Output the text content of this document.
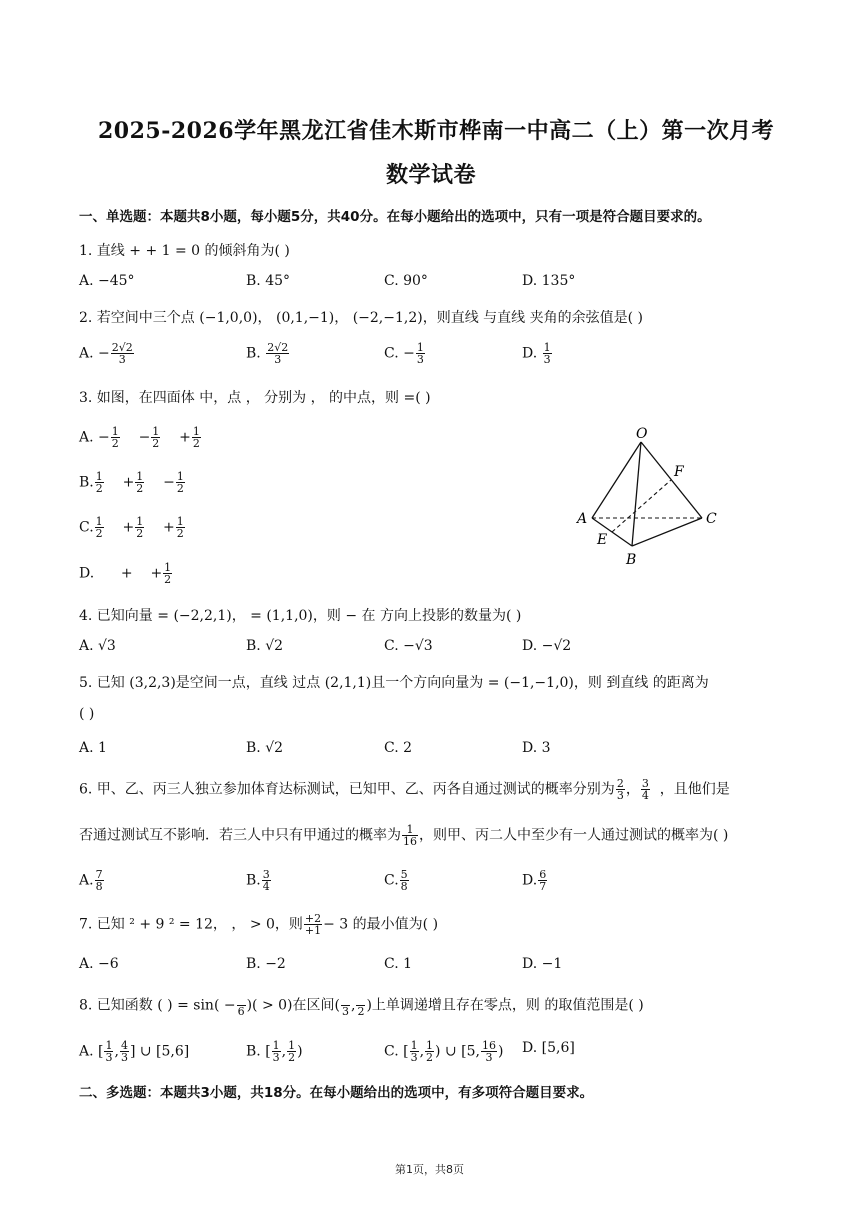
2025-2026学年黑龙江省佳木斯市桦南一中高二（上）第一次月考
数学试卷
一、单选题：本题共8小题，每小题5分，共40分。在每小题给出的选项中，只有一项是符合题目要求的。
1. 直线 + + 1 = 0 的倾斜角为( )
A. −45°	B. 45°	C. 90°	D. 135°
2. 若空间中三个点 (−1,0,0)， (0,1,−1)， (−2,−1,2)，则直线 与直线 夹角的余弦值是( )
A. − $\frac{2√2}{3}$	B. $\frac{2√2}{3}$	C. − $\frac{1}{3}$	D. $\frac{1}{3}$
3. 如图，在四面体 中，点 ， 分别为 ， 的中点，则 =( )
A. − $\frac{1}{2} - \frac{1}{2} + \frac{1}{2}$
B. $\frac{1}{2} + \frac{1}{2} - \frac{1}{2}$
C. $\frac{1}{2} + \frac{1}{2} + \frac{1}{2}$
D. + + $\frac{1}{2}$
O
F
A	C
E
B
4. 已知向量 = (−2,2,1)， = (1,1,0)，则 − 在 方向上投影的数量为( )
A. √3	B. √2	C. −√3	D. −√2
5. 已知 (3,2,3)是空间一点，直线 过点 (2,1,1)且一个方向向量为 = (−1,−1,0)，则 到直线 的距离为
( )
A. 1	B. √2	C. 2	D. 3
6. 甲、乙、丙三人独立参加体育达标测试，已知甲、乙、丙各自通过测试的概率分别为 $\frac{2}{3}$ ， $\frac{3}{4}$ ，且他们是
否通过测试互不影响．若三人中只有甲通过的概率为 $\frac{1}{16}$ ，则甲、丙二人中至少有一人通过测试的概率为( )
A. $\frac{7}{8}$	B. $\frac{3}{4}$	C. $\frac{5}{8}$	D. $\frac{6}{7}$
7. 已知 ² + 9 ² = 12， ， > 0，则 $\frac{+2}{+1} - 3$ 的最小值为( )
A. −6	B. −2	C. 1	D. −1
8. 已知函数 ( ) = sin( −
6 )( > 0)在区间(
3 ,
2 )上单调递增且存在零点，则 的取值范围是( )
A. [ $\frac{1}{3}$ , $\frac{4}{3}$ ] ∪ [5,6]	B. [ $\frac{1}{3}$ , $\frac{1}{2}$ )	C. [ $\frac{1}{3}$ , $\frac{1}{2}$ ) ∪ [5, $\frac{16}{3}$ ) D. [5,6]
二、多选题：本题共3小题，共18分。在每小题给出的选项中，有多项符合题目要求。
第1页，共8页
